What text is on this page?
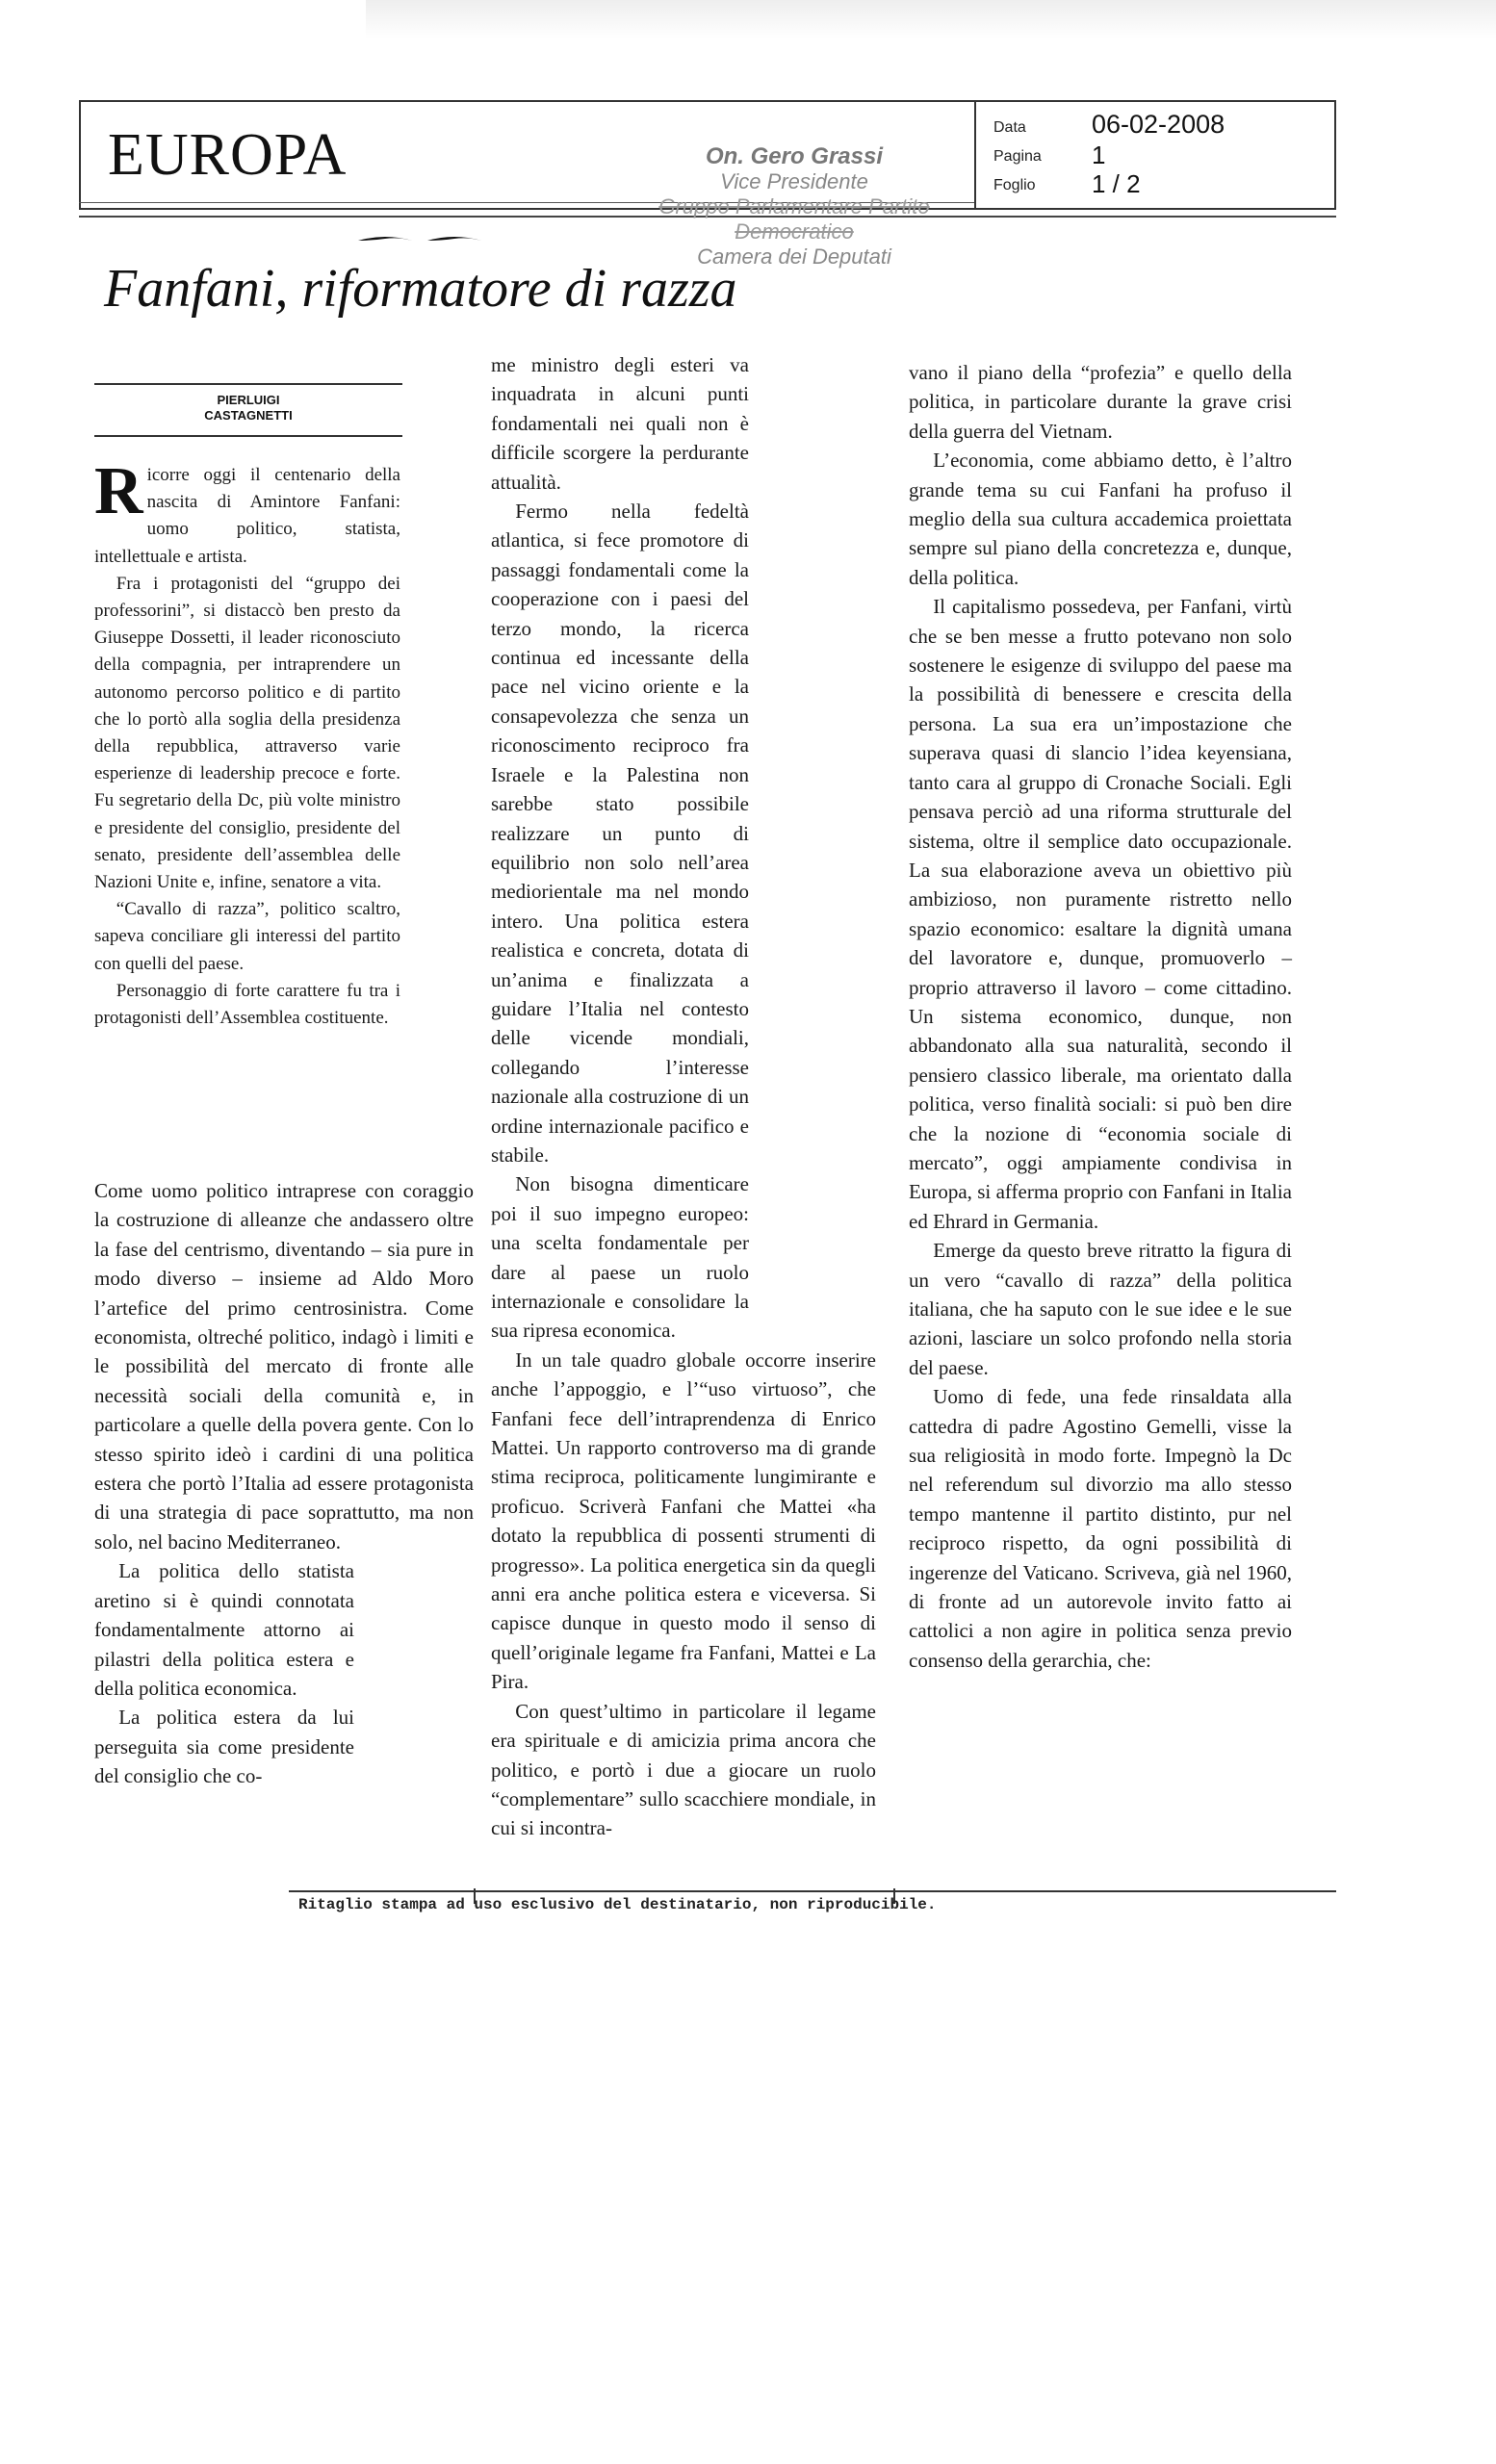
EUROPA	On. Gero Grassi
Vice Presidente
Gruppo Parlamentare Partito Democratico
Camera dei Deputati
Data	06-02-2008
Pagina 1
Foglio 1 / 2
Fanfani, riformatore di razza
PIERLUIGI
CASTAGNETTI

Ricorre oggi il centenario della nascita di Amintore Fanfani: uomo politico, statista, intellettuale e artista.

Fra i protagonisti del “gruppo dei professorini”, si distaccò ben presto da Giuseppe Dossetti, il leader riconosciuto della compagnia, per intraprendere un autonomo percorso politico e di partito che lo portò alla soglia della presidenza della repubblica, attraverso varie esperienze di leadership precoce e forte. Fu segretario della Dc, più volte ministro e presidente del consiglio, presidente del senato, presidente dell’assemblea delle Nazioni Unite e, infine, senatore a vita.

“Cavallo di razza”, politico scaltro, sapeva conciliare gli interessi del partito con quelli del paese.

Personaggio di forte carattere fu tra i protagonisti dell’Assemblea costituente.

Come uomo politico intraprese con coraggio la costruzione di alleanze che andassero oltre la fase del centrismo, diventando – sia pure in modo diverso – insieme ad Aldo Moro l’artefice del primo centrosinistra. Come economista, oltreché politico, indagò i limiti e le possibilità del mercato di fronte alle necessità sociali della comunità e, in particolare a quelle della povera gente. Con lo stesso spirito ideò i cardini di una politica estera che portò l’Italia ad essere protagonista di una strategia di pace soprattutto, ma non solo, nel bacino Mediterraneo.

La politica dello statista aretino si è quindi connotata fondamentalmente attorno ai pilastri della politica estera e della politica economica.

La politica estera da lui perseguita sia come presidente del consiglio che co-

me ministro degli esteri va inquadrata in alcuni punti fondamentali nei quali non è difficile scorgere la perdurante attualità.

Fermo nella fedeltà atlantica, si fece promotore di passaggi fondamentali come la cooperazione con i paesi del terzo mondo, la ricerca continua ed incessante della pace nel vicino oriente e la consapevolezza che senza un riconoscimento reciproco fra Israele e la Palestina non sarebbe stato possibile realizzare un punto di equilibrio non solo nell’area mediorientale ma nel mondo intero. Una politica estera realistica e concreta, dotata di un’anima e finalizzata a guidare l’Italia nel contesto delle vicende mondiali, collegando l’interesse nazionale alla costruzione di un ordine internazionale pacifico e stabile.

Non bisogna dimenticare poi il suo impegno europeo: una scelta fondamentale per dare al paese un ruolo internazionale e consolidare la sua ripresa economica.

In un tale quadro globale occorre inserire anche l’appoggio, e l’“uso virtuoso”, che Fanfani fece dell’intraprendenza di Enrico Mattei. Un rapporto controverso ma di grande stima reciproca, politicamente lungimirante e proficuo. Scriverà Fanfani che Mattei «ha dotato la repubblica di possenti strumenti di progresso». La politica energetica sin da quegli anni era anche politica estera e viceversa. Si capisce dunque in questo modo il senso di quell’originale legame fra Fanfani, Mattei e La Pira.

Con quest’ultimo in particolare il legame era spirituale e di amicizia prima ancora che politico, e portò i due a giocare un ruolo “complementare” sullo scacchiere mondiale, in cui si incontra-

vano il piano della “profezia” e quello della politica, in particolare durante la grave crisi della guerra del Vietnam.

L’economia, come abbiamo detto, è l’altro grande tema su cui Fanfani ha profuso il meglio della sua cultura accademica proiettata sempre sul piano della concretezza e, dunque, della politica.

Il capitalismo possedeva, per Fanfani, virtù che se ben messe a frutto potevano non solo sostenere le esigenze di sviluppo del paese ma la possibilità di benessere e crescita della persona. La sua era un’impostazione che superava quasi di slancio l’idea keyensiana, tanto cara al gruppo di Cronache Sociali. Egli pensava perciò ad una riforma strutturale del sistema, oltre il semplice dato occupazionale. La sua elaborazione aveva un obiettivo più ambizioso, non puramente ristretto nello spazio economico: esaltare la dignità umana del lavoratore e, dunque, promuoverlo – proprio attraverso il lavoro – come cittadino. Un sistema economico, dunque, non abbandonato alla sua naturalità, secondo il pensiero classico liberale, ma orientato dalla politica, verso finalità sociali: si può ben dire che la nozione di “economia sociale di mercato”, oggi ampiamente condivisa in Europa, si afferma proprio con Fanfani in Italia ed Ehrard in Germania.

Emerge da questo breve ritratto la figura di un vero “cavallo di razza” della politica italiana, che ha saputo con le sue idee e le sue azioni, lasciare un solco profondo nella storia del paese.

Uomo di fede, una fede rinsaldata alla cattedra di padre Agostino Gemelli, visse la sua religiosità in modo forte. Impegnò la Dc nel referendum sul divorzio ma allo stesso tempo mantenne il partito distinto, pur nel reciproco rispetto, da ogni possibilità di ingerenze del Vaticano. Scriveva, già nel 1960, di fronte ad un autorevole invito fatto ai cattolici a non agire in politica senza previo consenso della gerarchia, che:

Ritaglio stampa ad uso esclusivo del destinatario, non riproducibile.
